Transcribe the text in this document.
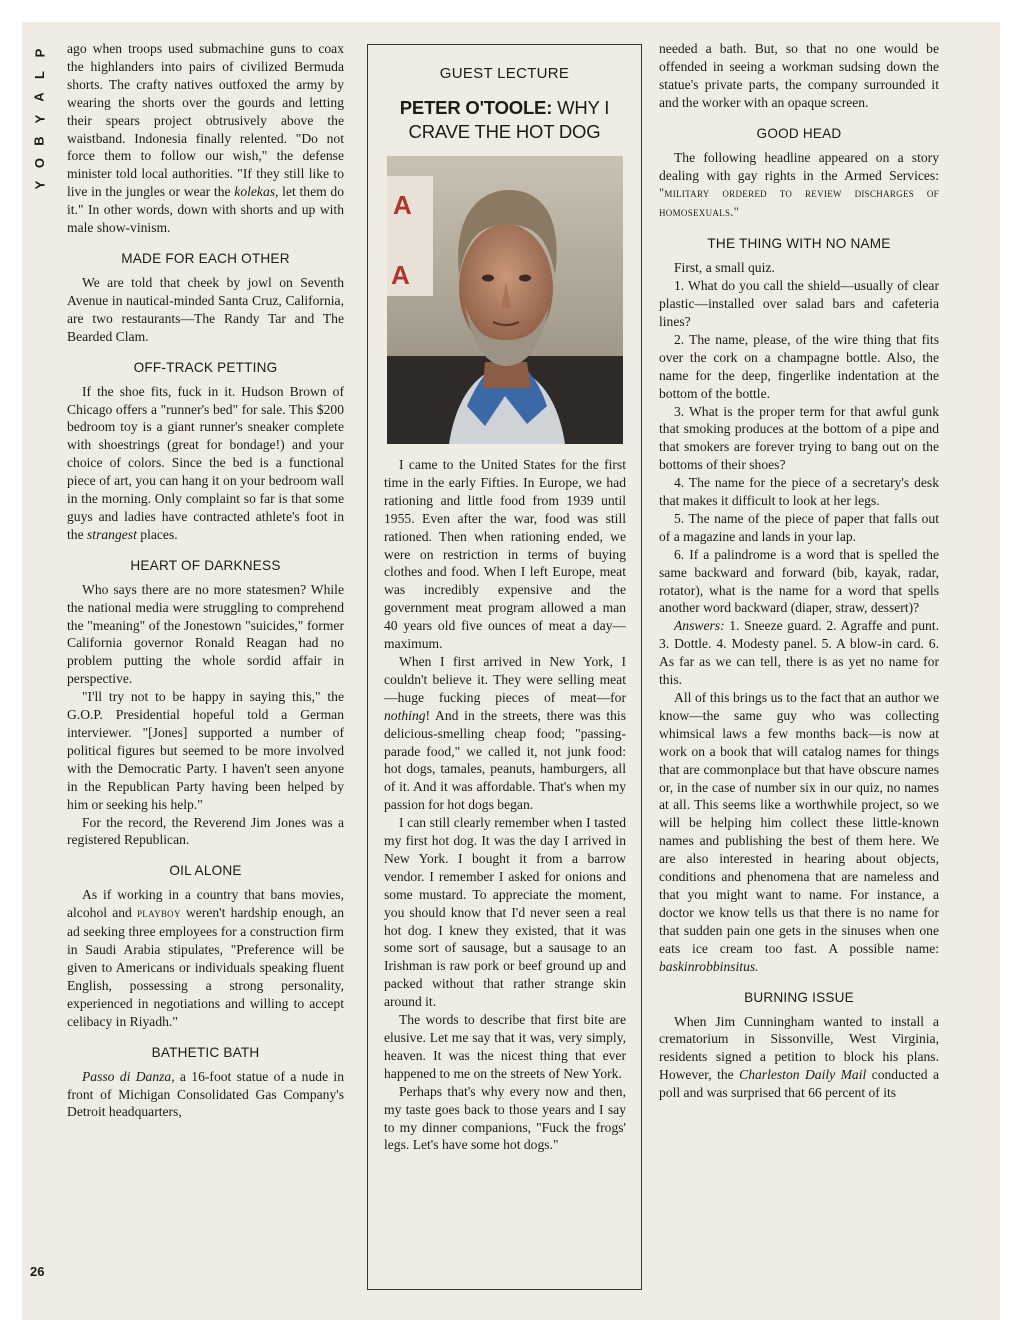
P
L
A
Y
B
O
Y
26

ago when troops used submachine guns to coax the highlanders into pairs of civilized Bermuda shorts. The crafty natives outfoxed the army by wearing the shorts over the gourds and letting their spears project obtrusively above the waistband. Indonesia finally relented. "Do not force them to follow our wish," the defense minister told local authorities. "If they still like to live in the jungles or wear the kolekas, let them do it." In other words, down with shorts and up with male show-vinism.

MADE FOR EACH OTHER

We are told that cheek by jowl on Seventh Avenue in nautical-minded Santa Cruz, California, are two restaurants—The Randy Tar and The Bearded Clam.

OFF-TRACK PETTING

If the shoe fits, fuck in it. Hudson Brown of Chicago offers a "runner's bed" for sale. This $200 bedroom toy is a giant runner's sneaker complete with shoestrings (great for bondage!) and your choice of colors. Since the bed is a functional piece of art, you can hang it on your bedroom wall in the morning. Only complaint so far is that some guys and ladies have contracted athlete's foot in the strangest places.

HEART OF DARKNESS

Who says there are no more statesmen? While the national media were struggling to comprehend the "meaning" of the Jonestown "suicides," former California governor Ronald Reagan had no problem putting the whole sordid affair in perspective.

"I'll try not to be happy in saying this," the G.O.P. Presidential hopeful told a German interviewer. "[Jones] supported a number of political figures but seemed to be more involved with the Democratic Party. I haven't seen anyone in the Republican Party having been helped by him or seeking his help."

For the record, the Reverend Jim Jones was a registered Republican.

OIL ALONE

As if working in a country that bans movies, alcohol and playboy weren't hardship enough, an ad seeking three employees for a construction firm in Saudi Arabia stipulates, "Preference will be given to Americans or individuals speaking fluent English, possessing a strong personality, experienced in negotiations and willing to accept celibacy in Riyadh."

BATHETIC BATH

Passo di Danza, a 16-foot statue of a nude in front of Michigan Consolidated Gas Company's Detroit headquarters,

GUEST LECTURE
PETER O'TOOLE: WHY I CRAVE THE HOT DOG
A
A

I came to the United States for the first time in the early Fifties. In Europe, we had rationing and little food from 1939 until 1955. Even after the war, food was still rationed. Then when rationing ended, we were on restriction in terms of buying clothes and food. When I left Europe, meat was incredibly expensive and the government meat program allowed a man 40 years old five ounces of meat a day—maximum.

When I first arrived in New York, I couldn't believe it. They were selling meat—huge fucking pieces of meat—for nothing! And in the streets, there was this delicious-smelling cheap food; "passing-parade food," we called it, not junk food: hot dogs, tamales, peanuts, hamburgers, all of it. And it was affordable. That's when my passion for hot dogs began.

I can still clearly remember when I tasted my first hot dog. It was the day I arrived in New York. I bought it from a barrow vendor. I remember I asked for onions and some mustard. To appreciate the moment, you should know that I'd never seen a real hot dog. I knew they existed, that it was some sort of sausage, but a sausage to an Irishman is raw pork or beef ground up and packed without that rather strange skin around it.

The words to describe that first bite are elusive. Let me say that it was, very simply, heaven. It was the nicest thing that ever happened to me on the streets of New York.

Perhaps that's why every now and then, my taste goes back to those years and I say to my dinner companions, "Fuck the frogs' legs. Let's have some hot dogs."

needed a bath. But, so that no one would be offended in seeing a workman sudsing down the statue's private parts, the company surrounded it and the worker with an opaque screen.

GOOD HEAD

The following headline appeared on a story dealing with gay rights in the Armed Services: "military ordered to review discharges of homosexuals."

THE THING WITH NO NAME

First, a small quiz.

1. What do you call the shield—usually of clear plastic—installed over salad bars and cafeteria lines?

2. The name, please, of the wire thing that fits over the cork on a champagne bottle. Also, the name for the deep, fingerlike indentation at the bottom of the bottle.

3. What is the proper term for that awful gunk that smoking produces at the bottom of a pipe and that smokers are forever trying to bang out on the bottoms of their shoes?

4. The name for the piece of a secretary's desk that makes it difficult to look at her legs.

5. The name of the piece of paper that falls out of a magazine and lands in your lap.

6. If a palindrome is a word that is spelled the same backward and forward (bib, kayak, radar, rotator), what is the name for a word that spells another word backward (diaper, straw, dessert)?

Answers: 1. Sneeze guard. 2. Agraffe and punt. 3. Dottle. 4. Modesty panel. 5. A blow-in card. 6. As far as we can tell, there is as yet no name for this.

All of this brings us to the fact that an author we know—the same guy who was collecting whimsical laws a few months back—is now at work on a book that will catalog names for things that are commonplace but that have obscure names or, in the case of number six in our quiz, no names at all. This seems like a worthwhile project, so we will be helping him collect these little-known names and publishing the best of them here. We are also interested in hearing about objects, conditions and phenomena that are nameless and that you might want to name. For instance, a doctor we know tells us that there is no name for that sudden pain one gets in the sinuses when one eats ice cream too fast. A possible name: baskinrobbinsitus.

BURNING ISSUE

When Jim Cunningham wanted to install a crematorium in Sissonville, West Virginia, residents signed a petition to block his plans. However, the Charleston Daily Mail conducted a poll and was surprised that 66 percent of its
